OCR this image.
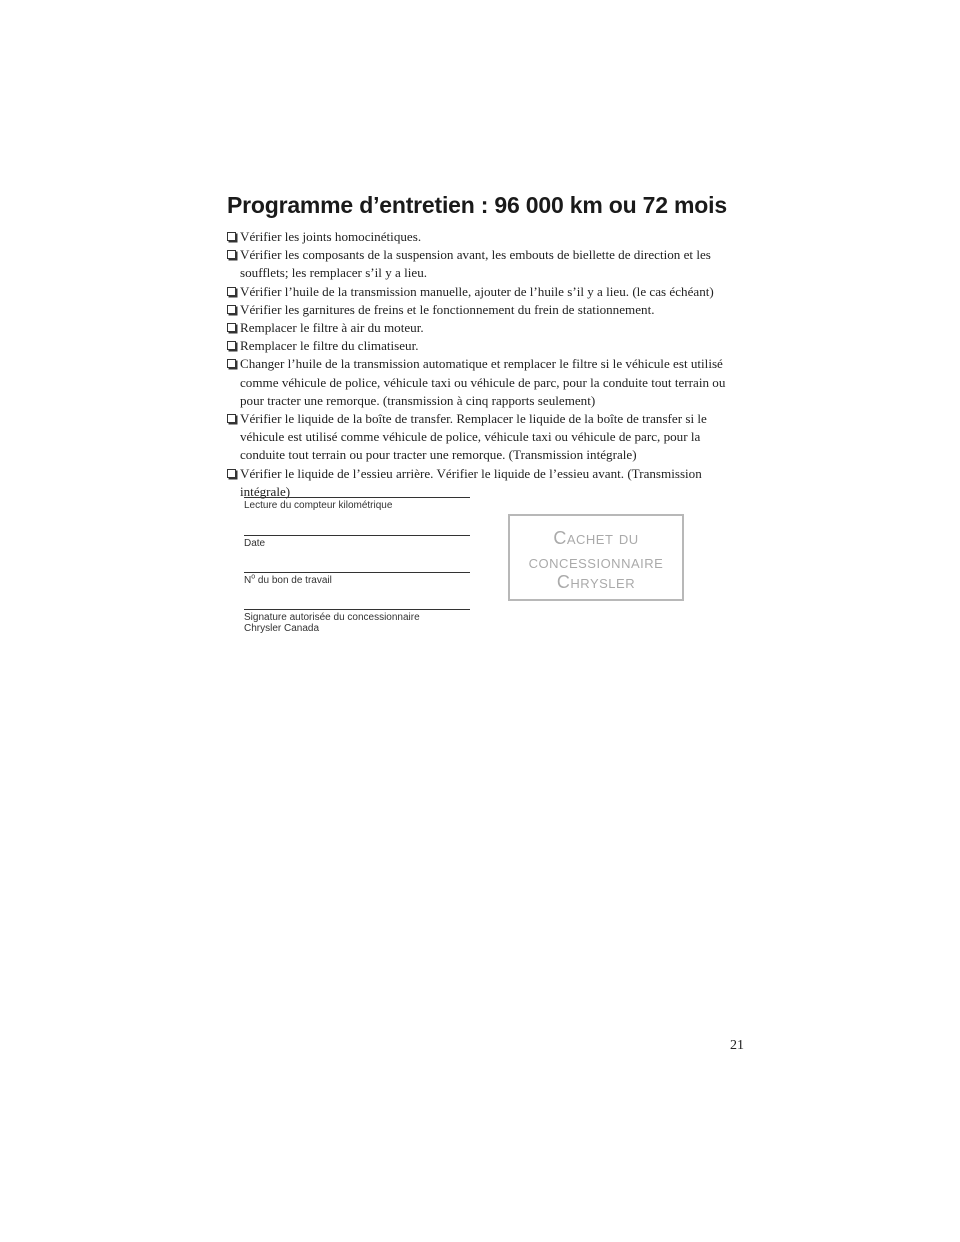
Programme d’entretien : 96 000 km ou 72 mois
Vérifier les joints homocinétiques.
Vérifier les composants de la suspension avant, les embouts de biellette de direction et les soufflets; les remplacer s’il y a lieu.
Vérifier l’huile de la transmission manuelle, ajouter de l’huile s’il y a lieu. (le cas échéant)
Vérifier les garnitures de freins et le fonctionnement du frein de stationnement.
Remplacer le filtre à air du moteur.
Remplacer le filtre du climatiseur.
Changer l’huile de la transmission automatique et remplacer le filtre si le véhicule est utilisé comme véhicule de police, véhicule taxi ou véhicule de parc, pour la conduite tout terrain ou pour tracter une remorque. (transmission à cinq rapports seulement)
Vérifier le liquide de la boîte de transfer. Remplacer le liquide de la boîte de transfer si le véhicule est utilisé comme véhicule de police, véhicule taxi ou véhicule de parc, pour la conduite tout terrain ou pour tracter une remorque. (Transmission intégrale)
Vérifier le liquide de l’essieu arrière. Vérifier le liquide de l’essieu avant. (Transmission intégrale)
Lecture du compteur kilométrique
Date
$N^o$ du bon de travail
Signature autorisée du concessionnaire
Chrysler Canada
Cachet du
concessionnaire
Chrysler
21
